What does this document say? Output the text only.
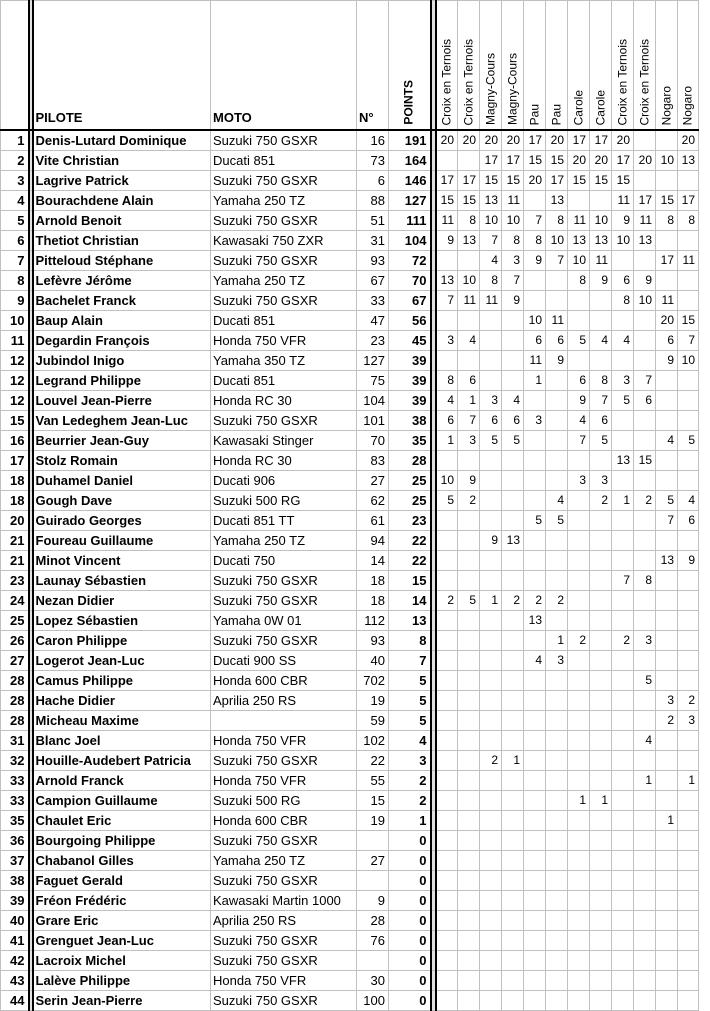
		PILOTE	MOTO	N°	POINTS		Croix en Ternois	Croix en Ternois	Magny-Cours	Magny-Cours	Pau	Pau	Carole	Carole	Croix en Ternois	Croix en Ternois	Nogaro	Nogaro

1		Denis-Lutard Dominique	Suzuki 750 GSXR	16	191		20	20	20	20	17	20	17	17	20			20
2		Vite Christian	Ducati 851	73	164				17	17	15	15	20	20	17	20	10	13
3		Lagrive Patrick	Suzuki 750 GSXR	6	146		17	17	15	15	20	17	15	15	15			
4		Bourachdene Alain	Yamaha 250 TZ	88	127		15	15	13	11		13			11	17	15	17
5		Arnold Benoit	Suzuki 750 GSXR	51	111		11	8	10	10	7	8	11	10	9	11	8	8
6		Thetiot Christian	Kawasaki 750 ZXR	31	104		9	13	7	8	8	10	13	13	10	13		
7		Pitteloud Stéphane	Suzuki 750 GSXR	93	72				4	3	9	7	10	11			17	11
8		Lefèvre Jérôme	Yamaha 250 TZ	67	70		13	10	8	7			8	9	6	9		
9		Bachelet Franck	Suzuki 750 GSXR	33	67		7	11	11	9					8	10	11	
10		Baup Alain	Ducati 851	47	56						10	11					20	15
11		Degardin François	Honda 750 VFR	23	45		3	4			6	6	5	4	4		6	7
12		Jubindol Inigo	Yamaha 350 TZ	127	39						11	9					9	10
12		Legrand Philippe	Ducati 851	75	39		8	6			1		6	8	3	7		
12		Louvel Jean-Pierre	Honda RC 30	104	39		4	1	3	4			9	7	5	6		
15		Van Ledeghem Jean-Luc	Suzuki 750 GSXR	101	38		6	7	6	6	3		4	6				
16		Beurrier Jean-Guy	Kawasaki Stinger	70	35		1	3	5	5			7	5			4	5
17		Stolz Romain	Honda RC 30	83	28										13	15		
18		Duhamel Daniel	Ducati 906	27	25		10	9					3	3				
18		Gough Dave	Suzuki 500 RG	62	25		5	2				4		2	1	2	5	4
20		Guirado Georges	Ducati 851 TT	61	23						5	5					7	6
21		Foureau Guillaume	Yamaha 250 TZ	94	22				9	13								
21		Minot Vincent	Ducati 750	14	22												13	9
23		Launay Sébastien	Suzuki 750 GSXR	18	15										7	8		
24		Nezan Didier	Suzuki 750 GSXR	18	14		2	5	1	2	2	2						
25		Lopez Sébastien	Yamaha 0W 01	112	13						13							
26		Caron Philippe	Suzuki 750 GSXR	93	8							1	2		2	3		
27		Logerot Jean-Luc	Ducati 900 SS	40	7						4	3						
28		Camus Philippe	Honda 600 CBR	702	5											5		
28		Hache Didier	Aprilia 250 RS	19	5												3	2
28		Micheau Maxime		59	5												2	3
31		Blanc Joel	Honda 750 VFR	102	4											4		
32		Houille-Audebert Patricia	Suzuki 750 GSXR	22	3				2	1								
33		Arnold Franck	Honda 750 VFR	55	2											1		1
33		Campion Guillaume	Suzuki 500 RG	15	2								1	1				
35		Chaulet Eric	Honda 600 CBR	19	1												1	
36		Bourgoing Philippe	Suzuki 750 GSXR		0													
37		Chabanol Gilles	Yamaha 250 TZ	27	0													
38		Faguet Gerald	Suzuki 750 GSXR		0													
39		Fréon Frédéric	Kawasaki Martin 1000	9	0													
40		Grare Eric	Aprilia 250 RS	28	0													
41		Grenguet Jean-Luc	Suzuki 750 GSXR	76	0													
42		Lacroix Michel	Suzuki 750 GSXR		0													
43		Lalève Philippe	Honda 750 VFR	30	0													
44		Serin Jean-Pierre	Suzuki 750 GSXR	100	0													
